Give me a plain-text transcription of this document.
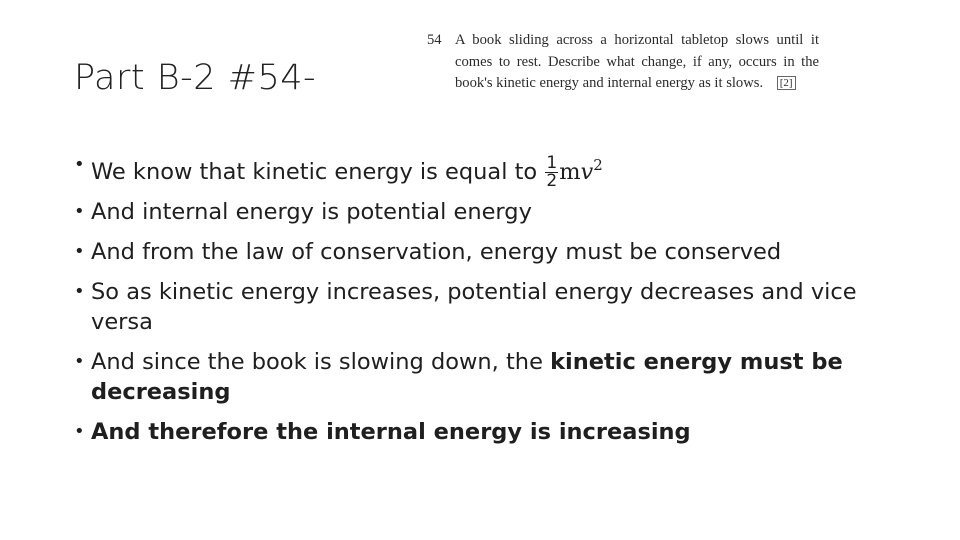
Part B-2 #54-
54 A book sliding across a horizontal tabletop slows until it comes to rest. Describe what change, if any, occurs in the book's kinetic energy and internal energy as it slows. [2]
• We know that kinetic energy is equal to $\frac{1}{2} mv^2$
• And internal energy is potential energy
• And from the law of conservation, energy must be conserved
• So as kinetic energy increases, potential energy decreases and vice versa
• And since the book is slowing down, the kinetic energy must be decreasing
• And therefore the internal energy is increasing
